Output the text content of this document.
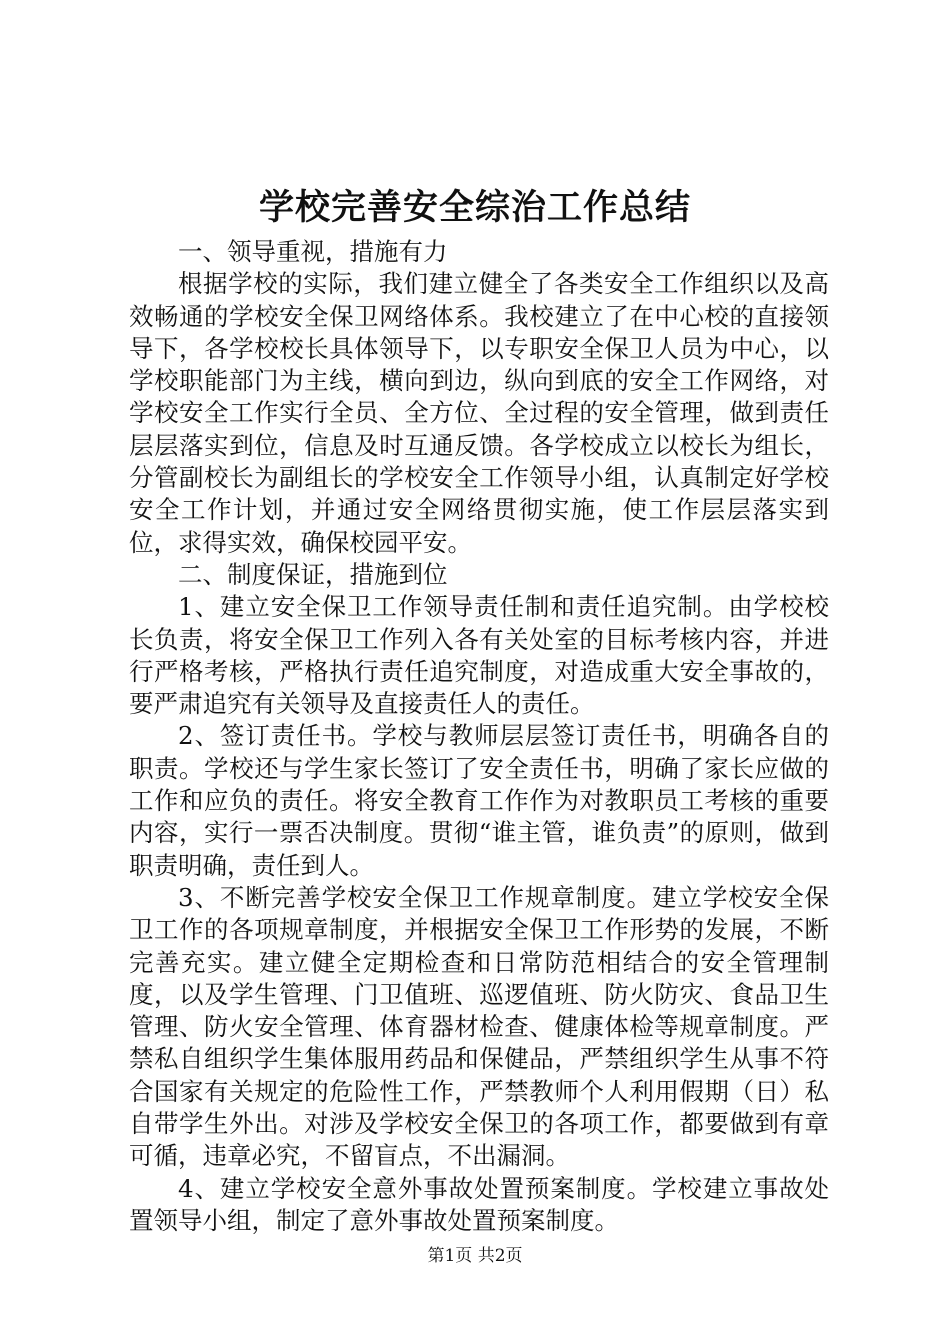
学校完善安全综治工作总结

一、领导重视，措施有力

根据学校的实际，我们建立健全了各类安全工作组织以及高效畅通的学校安全保卫网络体系。我校建立了在中心校的直接领导下，各学校校长具体领导下，以专职安全保卫人员为中心，以学校职能部门为主线，横向到边，纵向到底的安全工作网络，对学校安全工作实行全员、全方位、全过程的安全管理，做到责任层层落实到位，信息及时互通反馈。各学校成立以校长为组长，分管副校长为副组长的学校安全工作领导小组，认真制定好学校安全工作计划，并通过安全网络贯彻实施，使工作层层落实到位，求得实效，确保校园平安。

二、制度保证，措施到位

1、建立安全保卫工作领导责任制和责任追究制。由学校校长负责，将安全保卫工作列入各有关处室的目标考核内容，并进行严格考核，严格执行责任追究制度，对造成重大安全事故的，要严肃追究有关领导及直接责任人的责任。

2、签订责任书。学校与教师层层签订责任书，明确各自的职责。学校还与学生家长签订了安全责任书，明确了家长应做的工作和应负的责任。将安全教育工作作为对教职员工考核的重要内容，实行一票否决制度。贯彻“谁主管，谁负责”的原则，做到职责明确，责任到人。

3、不断完善学校安全保卫工作规章制度。建立学校安全保卫工作的各项规章制度，并根据安全保卫工作形势的发展，不断完善充实。建立健全定期检查和日常防范相结合的安全管理制度，以及学生管理、门卫值班、巡逻值班、防火防灾、食品卫生管理、防火安全管理、体育器材检查、健康体检等规章制度。严禁私自组织学生集体服用药品和保健品，严禁组织学生从事不符合国家有关规定的危险性工作，严禁教师个人利用假期（日）私自带学生外出。对涉及学校安全保卫的各项工作，都要做到有章可循，违章必究，不留盲点，不出漏洞。

4、建立学校安全意外事故处置预案制度。学校建立事故处置领导小组，制定了意外事故处置预案制度。

第1页 共2页
